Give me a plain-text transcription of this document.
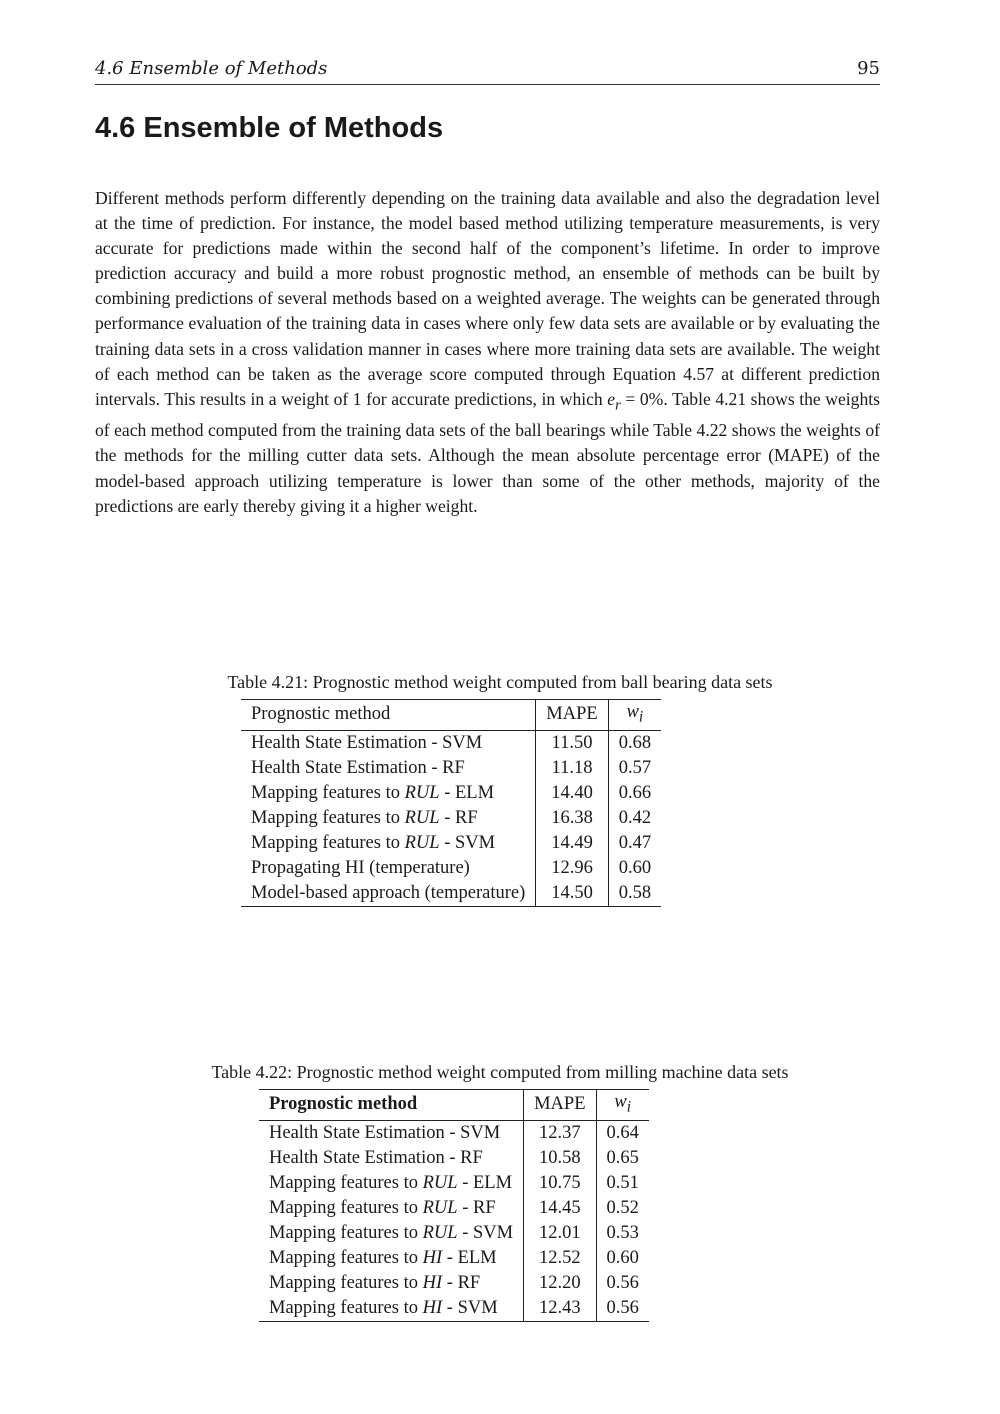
4.6 Ensemble of Methods	95
4.6 Ensemble of Methods

Different methods perform differently depending on the training data available and also the degradation level at the time of prediction. For instance, the model based method utilizing temperature measurements, is very accurate for predictions made within the second half of the component’s lifetime. In order to improve prediction accuracy and build a more robust prognostic method, an ensemble of methods can be built by combining predictions of several methods based on a weighted average. The weights can be generated through performance evaluation of the training data in cases where only few data sets are available or by evaluating the training data sets in a cross validation manner in cases where more training data sets are available. The weight of each method can be taken as the average score computed through Equation 4.57 at different prediction intervals. This results in a weight of 1 for accurate predictions, in which $e_r = 0\%$. Table 4.21 shows the weights of each method computed from the training data sets of the ball bearings while Table 4.22 shows the weights of the methods for the milling cutter data sets. Although the mean absolute percentage error (MAPE) of the model-based approach utilizing temperature is lower than some of the other methods, majority of the predictions are early thereby giving it a higher weight.

Table 4.21: Prognostic method weight computed from ball bearing data sets

Prognostic method	MAPE	$w_i$
Health State Estimation - SVM	11.50	0.68
Health State Estimation - RF	11.18	0.57
Mapping features to RUL - ELM	14.40	0.66
Mapping features to RUL - RF	16.38	0.42
Mapping features to RUL - SVM	14.49	0.47
Propagating HI (temperature)	12.96	0.60
Model-based approach (temperature)	14.50	0.58

Table 4.22: Prognostic method weight computed from milling machine data sets

Prognostic method	MAPE	$w_i$
Health State Estimation - SVM	12.37	0.64
Health State Estimation - RF	10.58	0.65
Mapping features to RUL - ELM	10.75	0.51
Mapping features to RUL - RF	14.45	0.52
Mapping features to RUL - SVM	12.01	0.53
Mapping features to HI - ELM	12.52	0.60
Mapping features to HI - RF	12.20	0.56
Mapping features to HI - SVM	12.43	0.56
